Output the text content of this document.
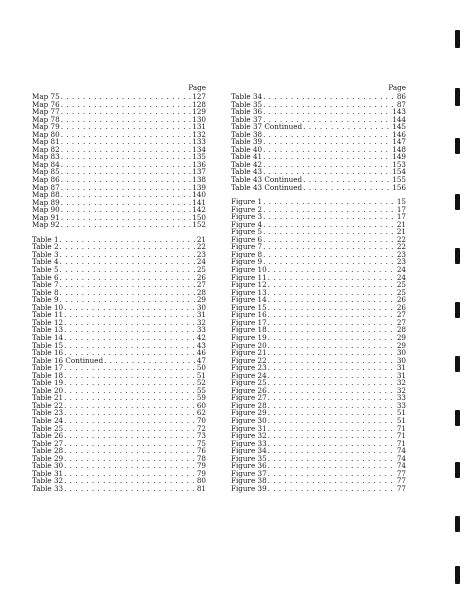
Page
Map 75 . . .	127
Map 76 . . .	128
Map 77 . . .	129
Map 78 . . .	130
Map 79 . . .	131
Map 80 . . .	132
Map 81 . . .	133
Map 82 . . .	134
Map 83 . . .	135
Map 84 . . .	136
Map 85 . . .	137
Map 86 . . .	138
Map 87 . . .	139
Map 88 . . .	140
Map 89 . . .	141
Map 90 . . .	142
Map 91 . . .	150
Map 92 . . .	152
Table 1 . . .	21
Table 2 . . .	22
Table 3 . . .	23
Table 4 . . .	24
Table 5 . . .	25
Table 6 . . .	26
Table 7 . . .	27
Table 8 . . .	28
Table 9 . . .	29
Table 10 . . .	30
Table 11 . . .	31
Table 12 . . .	32
Table 13 . . .	33
Table 14 . . .	42
Table 15 . . .	43
Table 16 . . .	46
Table 16 Continued . . .	47
Table 17 . . .	50
Table 18 . . .	51
Table 19 . . .	52
Table 20 . . .	55
Table 21 . . .	59
Table 22 . . .	60
Table 23 . . .	62
Table 24 . . .	70
Table 25 . . .	72
Table 26 . . .	73
Table 27 . . .	75
Table 28 . . .	76
Table 29 . . .	78
Table 30 . . .	79
Table 31 . . .	79
Table 32 . . .	80
Table 33 . . .	81
Page
Table 34 . . .	86
Table 35 . . .	87
Table 36 . . .	143
Table 37 . . .	144
Table 37 Continued . . .	145
Table 38 . . .	146
Table 39 . . .	147
Table 40 . . .	148
Table 41 . . .	149
Table 42 . . .	153
Table 43 . . .	154
Table 43 Continued . . .	155
Table 43 Continued . . .	156
Figure 1 . . .	15
Figure 2 . . .	17
Figure 3 . . .	17
Figure 4 . . .	21
Figure 5 . . .	21
Figure 6 . . .	22
Figure 7 . . .	22
Figure 8 . . .	23
Figure 9 . . .	23
Figure 10 . . .	24
Figure 11 . . .	24
Figure 12 . . .	25
Figure 13 . . .	25
Figure 14 . . .	26
Figure 15 . . .	26
Figure 16 . . .	27
Figure 17 . . .	27
Figure 18 . . .	28
Figure 19 . . .	29
Figure 20 . . .	29
Figure 21 . . .	30
Figure 22 . . .	30
Figure 23 . . .	31
Figure 24 . . .	31
Figure 25 . . .	32
Figure 26 . . .	32
Figure 27 . . .	33
Figure 28 . . .	33
Figure 29 . . .	51
Figure 30 . . .	51
Figure 31 . . .	71
Figure 32 . . .	71
Figure 33 . . .	71
Figure 34 . . .	74
Figure 35 . . .	74
Figure 36 . . .	74
Figure 37 . . .	77
Figure 38 . . .	77
Figure 39 . . .	77
